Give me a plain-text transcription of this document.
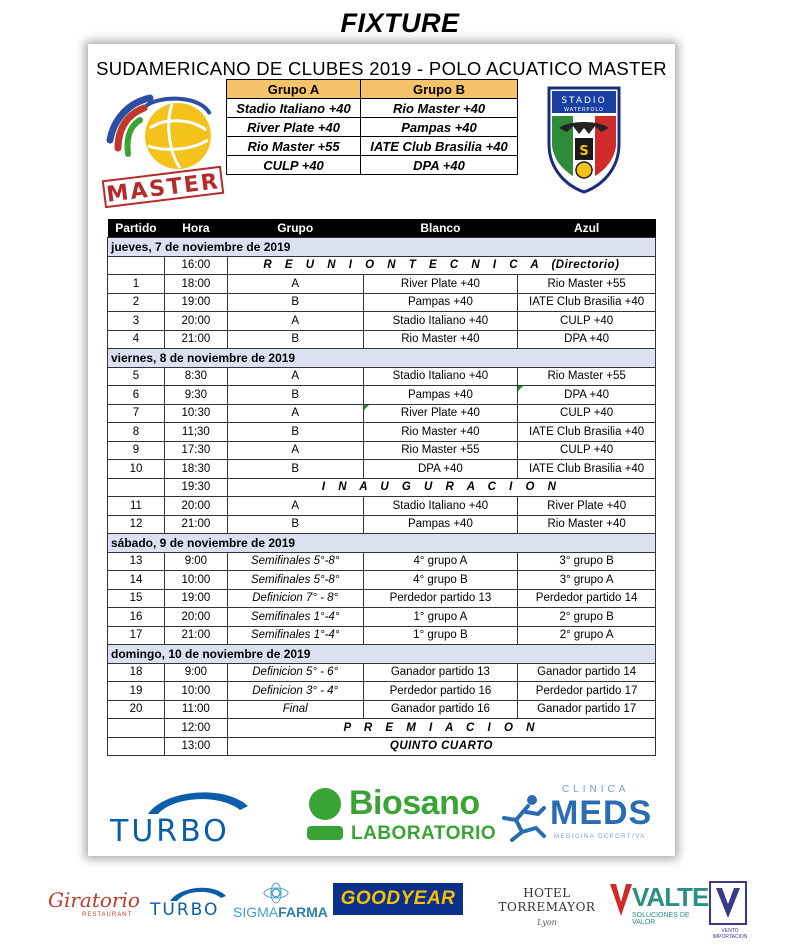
FIXTURE
SUDAMERICANO DE CLUBES 2019 - POLO ACUATICO MASTER
MASTER
Grupo A	Grupo B
Stadio Italiano +40	Rio Master +40
River Plate +40	Pampas +40
Rio Master +55	IATE Club Brasilia +40
CULP +40	DPA +40
STADIO
WATERPOLO
S
Partido	Hora	Grupo	Blanco	Azul
jueves, 7 de noviembre de 2019				
	16:00	R E U N I O N T E C N I C A (Directorio)		
1	18:00	A	River Plate +40	Rio Master +55
2	19:00	B	Pampas +40	IATE Club Brasilia +40
3	20:00	A	Stadio Italiano +40	CULP +40
4	21:00	B	Rio Master +40	DPA +40
viernes, 8 de noviembre de 2019				
5	8:30	A	Stadio Italiano +40	Rio Master +55
6	9:30	B	Pampas +40	DPA +40
7	10:30	A	River Plate +40	CULP +40
8	11;30	B	Rio Master +40	IATE Club Brasilia +40
9	17:30	A	Rio Master +55	CULP +40
10	18:30	B	DPA +40	IATE Club Brasilia +40
	19:30	I N A U G U R A C I O N		
11	20:00	A	Stadio Italiano +40	River Plate +40
12	21:00	B	Pampas +40	Rio Master +40
sábado, 9 de noviembre de 2019				
13	9:00	Semifinales 5°-8°	4° grupo A	3° grupo B
14	10:00	Semifinales 5°-8°	4° grupo B	3° grupo A
15	19:00	Definicion 7° - 8°	Perdedor partido 13	Perdedor partido 14
16	20:00	Semifinales 1°-4°	1° grupo A	2° grupo B
17	21:00	Semifinales 1°-4°	1° grupo B	2° grupo A
domingo, 10 de noviembre de 2019				
18	9:00	Definicion 5° - 6°	Ganador partido 13	Ganador partido 14
19	10:00	Definicion 3° - 4°	Perdedor partido 16	Perdedor partido 17
20	11:00	Final	Ganador partido 16	Ganador partido 17
	12:00	P R E M I A C I O N		
	13:00	QUINTO CUARTO		
TURBO
Biosano
LABORATORIO
CLINICA
MEDS
MEDICINA DEPORTIVA
Giratorio
RESTAURANT	TURBO SIGMAFARMA
GOODYEAR	HOTEL TORREMAYOR
Lyon
VALTE
SOLUCIONES DE VALOR
VENTO IMPORTACION
